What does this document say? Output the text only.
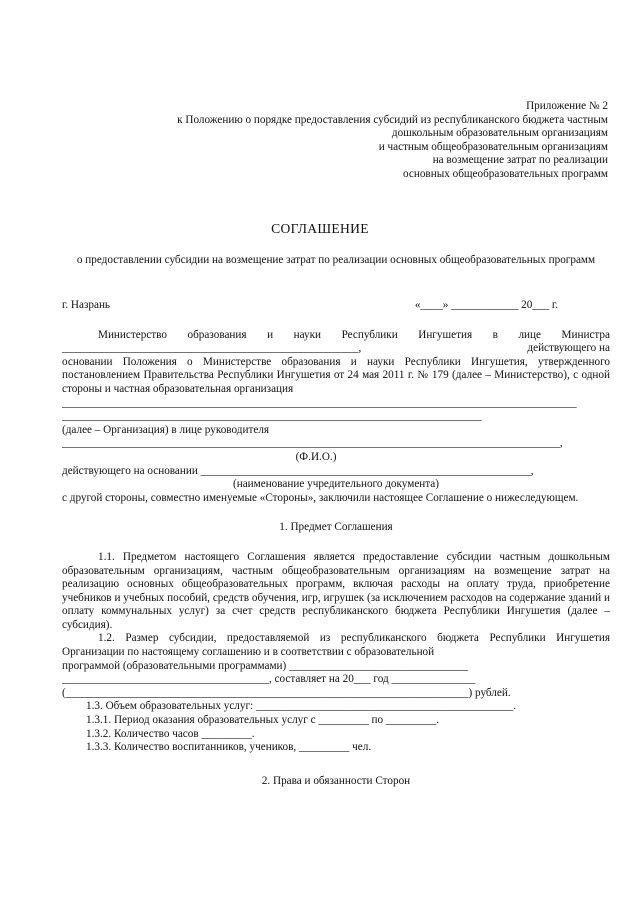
Приложение № 2
к Положению о порядке предоставления субсидий из республиканского бюджета частным
дошкольным образовательным организациям
и частным общеобразовательным организациям
на возмещение затрат по реализации
основных общеобразовательных программ
СОГЛАШЕНИЕ
о предоставлении субсидии на возмещение затрат по реализации основных общеобразовательных программ
г. Назрань	«____» ____________ 20___ г.

Министерство образования и науки Республики Ингушетия в лице Министра

_____________________________________________________,	действующего на

основании Положения о Министерстве образования и науки Республики Ингушетия, утвержденного постановлением Правительства Республики Ингушетия от 24 мая 2011 г. № 179 (далее – Министерство), с одной стороны и частная образовательная организация

____________________________________________________________________________________________
___________________________________________________________________________
(далее – Организация) в лице руководителя
_________________________________________________________________________________________,
(Ф.И.О.)
действующего на основании ___________________________________________________________,
(наименование учредительного документа)

с другой стороны, совместно именуемые «Стороны», заключили настоящее Соглашение о нижеследующем.

1. Предмет Соглашения

1.1. Предметом настоящего Соглашения является предоставление субсидии частным дошкольным образовательным организациям, частным общеобразовательным организациям на возмещение затрат на реализацию основных общеобразовательных программ, включая расходы на оплату труда, приобретение учебников и учебных пособий, средств обучения, игр, игрушек (за исключением расходов на содержание зданий и оплату коммунальных услуг) за счет средств республиканского бюджета Республики Ингушетия (далее – субсидия).

1.2. Размер субсидии, предоставляемой из республиканского бюджета Республики Ингушетия Организации по настоящему соглашению и в соответствии с образовательной

программой (образовательными программами) ________________________________
_____________________________________, составляет на 20___ год _______________
(________________________________________________________________________) рублей.
1.3. Объем образовательных услуг: ______________________________________________.
1.3.1. Период оказания образовательных услуг с _________ по _________.
1.3.2. Количество часов _________.
1.3.3. Количество воспитанников, учеников, _________ чел.
2. Права и обязанности Сторон
